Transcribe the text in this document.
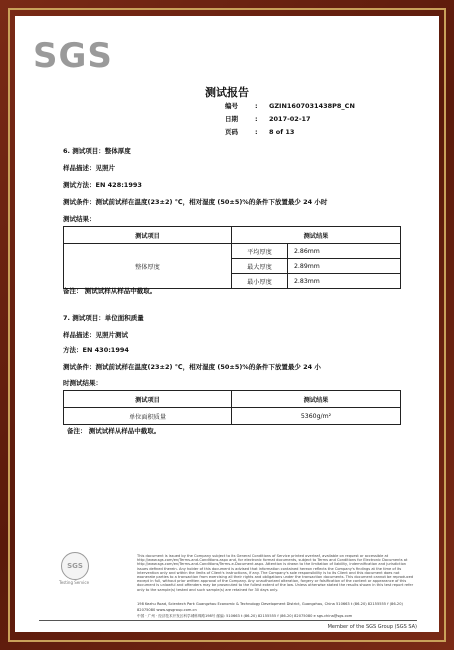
SGS
测试报告
编号	: GZIN1607031438P8_CN
日期	: 2017-02-17
页码	: 8 of 13
6. 测试项目：整体厚度
样品描述：见照片
测试方法：EN 428:1993
测试条件：测试前试样在温度(23±2) ℃，相对湿度 (50±5)%的条件下放置最少 24 小时
测试结果：
测试项目	测试结果	
整体厚度	平均厚度	2.86mm
	最大厚度	2.89mm
	最小厚度	2.83mm
备注： 测试试样从样品中截取。
7. 测试项目：单位面积质量
样品描述：见照片测试
方法：EN 430:1994
测试条件：测试前试样在温度(23±2) ℃，相对湿度 (50±5)%的条件下放置最少 24 小
时测试结果：
测试项目	测试结果
单位面积质量	5360g/m²
备注： 测试试样从样品中截取。
SGS
Testing Service
This document is issued by the Company subject to its General Conditions of Service printed overleaf, available on request or accessible at http://www.sgs.com/en/Terms-and-Conditions.aspx and, for electronic format documents, subject to Terms and Conditions for Electronic Documents at http://www.sgs.com/en/Terms-and-Conditions/Terms-e-Document.aspx. Attention is drawn to the limitation of liability, indemnification and jurisdiction issues defined therein. Any holder of this document is advised that information contained hereon reflects the Company's findings at the time of its intervention only and within the limits of Client's instructions, if any. The Company's sole responsibility is to its Client and this document does not exonerate parties to a transaction from exercising all their rights and obligations under the transaction documents. This document cannot be reproduced except in full, without prior written approval of the Company. Any unauthorized alteration, forgery or falsification of the content or appearance of this document is unlawful and offenders may be prosecuted to the fullest extent of the law. Unless otherwise stated the results shown in this test report refer only to the sample(s) tested and such sample(s) are retained for 30 days only.
198 Kezhu Road, Scientech Park Guangzhou Economic & Technology Development District, Guangzhou, China 510663 t (86-20) 82155555 f (86-20) 82075080 www.sgsgroup.com.cn
中国 · 广州 · 经济技术开发区科学城科珠路198号 邮编: 510663 t (86-20) 82155555 f (86-20) 82075080 e sgs.china@sgs.com
Member of the SGS Group (SGS SA)
